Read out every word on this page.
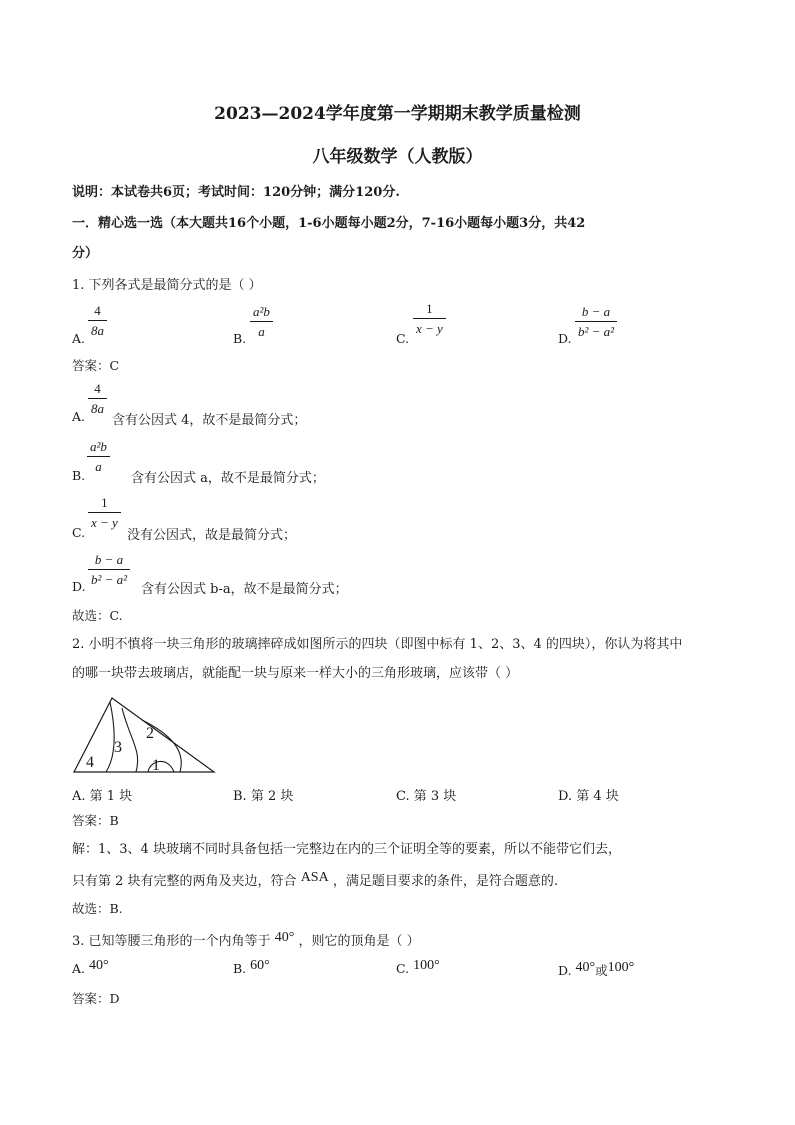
2023—2024学年度第一学期期末教学质量检测
八年级数学（人教版）
说明：本试卷共6页；考试时间：120分钟；满分120分.
一．精心选一选（本大题共16个小题，1-6小题每小题2分，7-16小题每小题3分，共42
分）
1. 下列各式是最简分式的是（ ）
A.
$\frac{4}{8a}$
B.
$\frac{\text{a²b}}{a}$
C.
$\frac{1}{x - y}$
D.
$\frac{b - a}{\text{b² − a²}}$
答案：C
A.
$\frac{4}{8a}$
含有公因式 4，故不是最简分式；
B.
$\frac{\text{a²b}}{a}$
含有公因式 a，故不是最简分式；
C.
$\frac{1}{x - y}$
没有公因式，故是最简分式；
D.
$\frac{b - a}{\text{b² − a²}}$
含有公因式 b-a，故不是最简分式；
故选：C.
2. 小明不慎将一块三角形的玻璃摔碎成如图所示的四块（即图中标有 1、2、3、4 的四块），你认为将其中
的哪一块带去玻璃店，就能配一块与原来一样大小的三角形玻璃，应该带（ ）
4
3
2
1
A. 第 1 块	B. 第 2 块	C. 第 3 块	D. 第 4 块
答案：B
解：1、3、4 块玻璃不同时具备包括一完整边在内的三个证明全等的要素，所以不能带它们去，
只有第 2 块有完整的两角及夹边，符合 ASA ，满足题目要求的条件，是符合题意的.
故选：B.
3. 已知等腰三角形的一个内角等于 40° ，则它的顶角是（ ）
A. 40°	B. 60°	C. 100°	D. 40°或100°
答案：D
